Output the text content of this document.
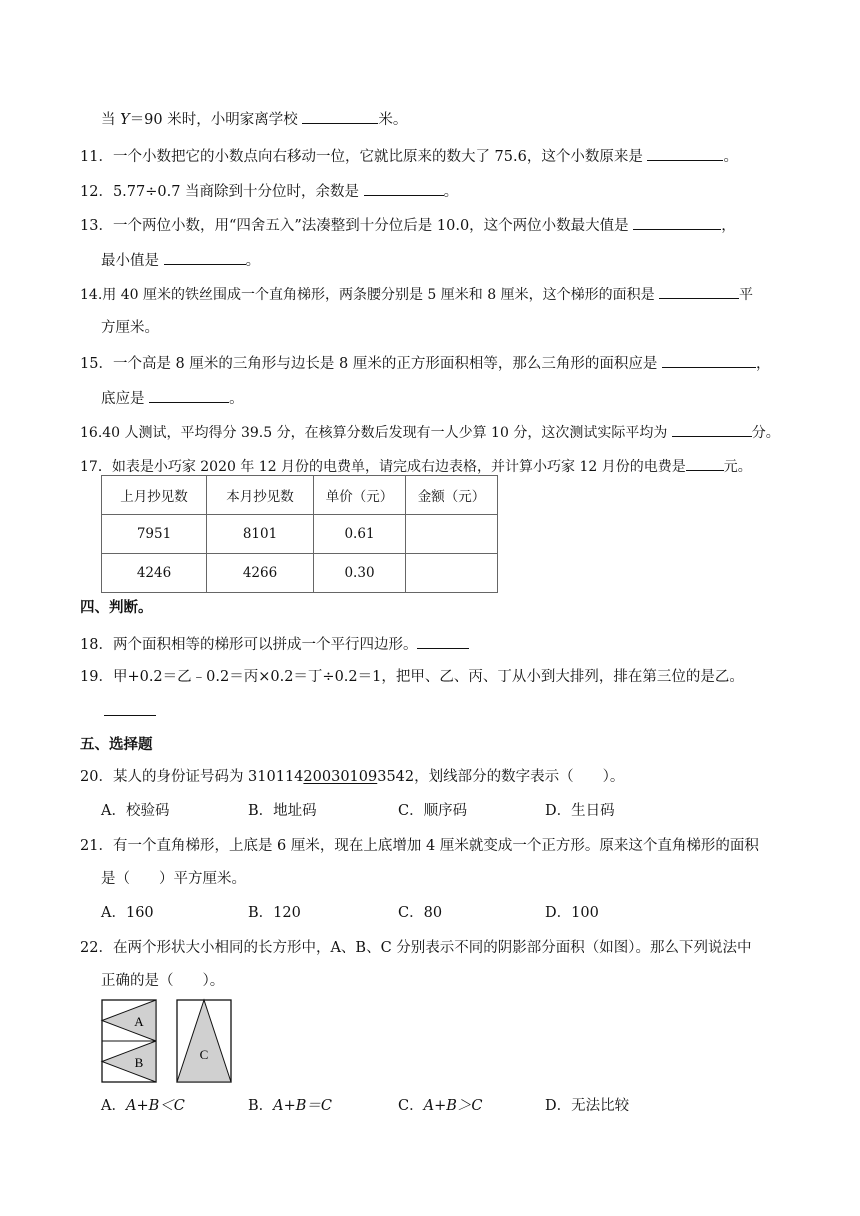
当 Y＝90 米时，小明家离学校	米。
11．一个小数把它的小数点向右移动一位，它就比原来的数大了 75.6，这个小数原来是	。
12．5.77÷0.7 当商除到十分位时，余数是	。
13．一个两位小数，用“四舍五入”法凑整到十分位后是 10.0，这个两位小数最大值是	，
最小值是	。
14.用 40 厘米的铁丝围成一个直角梯形，两条腰分别是 5 厘米和 8 厘米，这个梯形的面积是	平
方厘米。
15．一个高是 8 厘米的三角形与边长是 8 厘米的正方形面积相等，那么三角形的面积应是	，
底应是	。
16.40 人测试，平均得分 39.5 分，在核算分数后发现有一人少算 10 分，这次测试实际平均为	分。
17．如表是小巧家 2020 年 12 月份的电费单，请完成右边表格，并计算小巧家 12 月份的电费是	元。
上月抄见数	本月抄见数	单价（元）	金额（元）
7951	8101	0.61	
4246	4266	0.30	
四、判断。
18．两个面积相等的梯形可以拼成一个平行四边形。
19．甲+0.2＝乙﹣0.2＝丙×0.2＝丁÷0.2＝1，把甲、乙、丙、丁从小到大排列，排在第三位的是乙。
五、选择题
20．某人的身份证号码为 310114200301093542，划线部分的数字表示（　　）。
A．校验码	B．地址码	C．顺序码	D．生日码
21．有一个直角梯形，上底是 6 厘米，现在上底增加 4 厘米就变成一个正方形。原来这个直角梯形的面积
是（　　）平方厘米。
A．160	B．120	C．80	D．100
22．在两个形状大小相同的长方形中，A、B、C 分别表示不同的阴影部分面积（如图）。那么下列说法中
正确的是（　　）。
A
B
C
A．A+B＜C	B．A+B＝C	C．A+B＞C	D．无法比较
